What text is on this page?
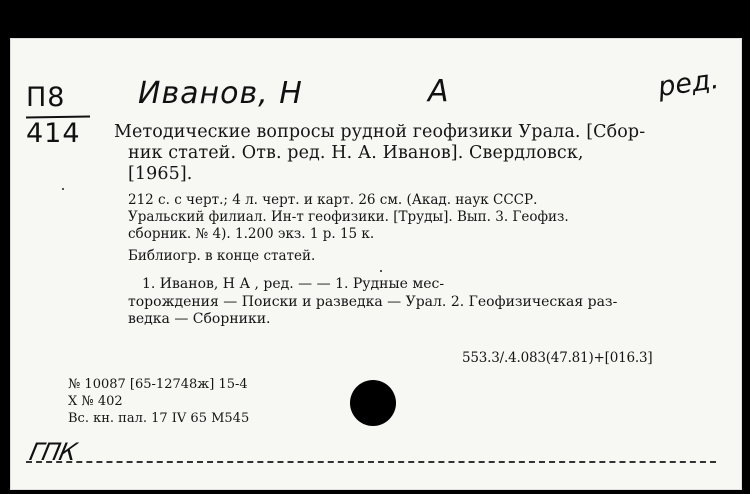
П8
414
Иванов, Н	А	ред.
Методические вопросы рудной геофизики Урала. [Сбор-
ник статей. Отв. ред. Н. А. Иванов]. Свердловск,
[1965].
212 с. с черт.; 4 л. черт. и карт. 26 см. (Акад. наук СССР.
Уральский филиал. Ин-т геофизики. [Труды]. Вып. 3. Геофиз.
сборник. № 4). 1.200 экз. 1 р. 15 к.
Библиогр. в конце статей.
1. Иванов, Н А , ред. — — 1. Рудные мес-
торождения — Поиски и разведка — Урал. 2. Геофизическая раз-
ведка — Сборники.
553.3/.4.083(47.81)+[016.3]
№ 10087 [65-12748ж] 15-4
Х № 402
Вс. кн. пал. 17 IV 65 М545
ГПК
